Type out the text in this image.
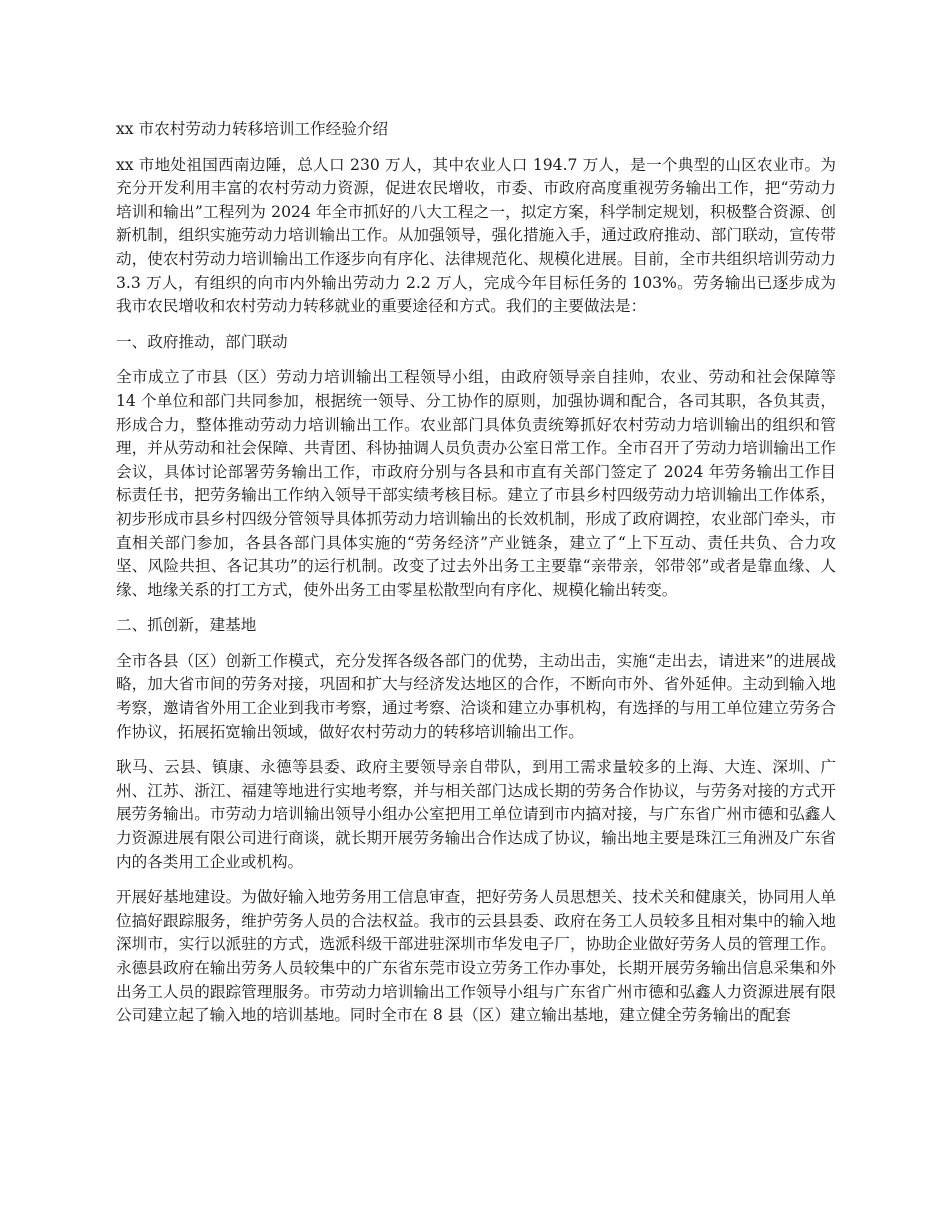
xx 市农村劳动力转移培训工作经验介绍

xx 市地处祖国西南边陲，总人口 230 万人，其中农业人口 194.7 万人，是一个典型的山区农业市。为充分开发利用丰富的农村劳动力资源，促进农民增收，市委、市政府高度重视劳务输出工作，把“劳动力培训和输出”工程列为 2024 年全市抓好的八大工程之一，拟定方案，科学制定规划，积极整合资源、创新机制，组织实施劳动力培训输出工作。从加强领导，强化措施入手，通过政府推动、部门联动，宣传带动，使农村劳动力培训输出工作逐步向有序化、法律规范化、规模化进展。目前，全市共组织培训劳动力 3.3 万人，有组织的向市内外输出劳动力 2.2 万人，完成今年目标任务的 103%。劳务输出已逐步成为我市农民增收和农村劳动力转移就业的重要途径和方式。我们的主要做法是：

一、政府推动，部门联动

全市成立了市县（区）劳动力培训输出工程领导小组，由政府领导亲自挂帅，农业、劳动和社会保障等 14 个单位和部门共同参加，根据统一领导、分工协作的原则，加强协调和配合，各司其职，各负其责，形成合力，整体推动劳动力培训输出工作。农业部门具体负责统筹抓好农村劳动力培训输出的组织和管理，并从劳动和社会保障、共青团、科协抽调人员负责办公室日常工作。全市召开了劳动力培训输出工作会议，具体讨论部署劳务输出工作，市政府分别与各县和市直有关部门签定了 2024 年劳务输出工作目标责任书，把劳务输出工作纳入领导干部实绩考核目标。建立了市县乡村四级劳动力培训输出工作体系，初步形成市县乡村四级分管领导具体抓劳动力培训输出的长效机制，形成了政府调控，农业部门牵头，市直相关部门参加，各县各部门具体实施的“劳务经济”产业链条，建立了“上下互动、责任共负、合力攻坚、风险共担、各记其功”的运行机制。改变了过去外出务工主要靠“亲带亲，邻带邻”或者是靠血缘、人缘、地缘关系的打工方式，使外出务工由零星松散型向有序化、规模化输出转变。

二、抓创新，建基地

全市各县（区）创新工作模式，充分发挥各级各部门的优势，主动出击，实施“走出去，请进来”的进展战略，加大省市间的劳务对接，巩固和扩大与经济发达地区的合作，不断向市外、省外延伸。主动到输入地考察，邀请省外用工企业到我市考察，通过考察、洽谈和建立办事机构，有选择的与用工单位建立劳务合作协议，拓展拓宽输出领域，做好农村劳动力的转移培训输出工作。

耿马、云县、镇康、永德等县委、政府主要领导亲自带队，到用工需求量较多的上海、大连、深圳、广州、江苏、浙江、福建等地进行实地考察，并与相关部门达成长期的劳务合作协议，与劳务对接的方式开展劳务输出。市劳动力培训输出领导小组办公室把用工单位请到市内搞对接，与广东省广州市德和弘鑫人力资源进展有限公司进行商谈，就长期开展劳务输出合作达成了协议，输出地主要是珠江三角洲及广东省内的各类用工企业或机构。

开展好基地建设。为做好输入地劳务用工信息审查，把好劳务人员思想关、技术关和健康关，协同用人单位搞好跟踪服务，维护劳务人员的合法权益。我市的云县县委、政府在务工人员较多且相对集中的输入地深圳市，实行以派驻的方式，选派科级干部进驻深圳市华发电子厂，协助企业做好劳务人员的管理工作。永德县政府在输出劳务人员较集中的广东省东莞市设立劳务工作办事处，长期开展劳务输出信息采集和外出务工人员的跟踪管理服务。市劳动力培训输出工作领导小组与广东省广州市德和弘鑫人力资源进展有限公司建立起了输入地的培训基地。同时全市在 8 县（区）建立输出基地，建立健全劳务输出的配套
